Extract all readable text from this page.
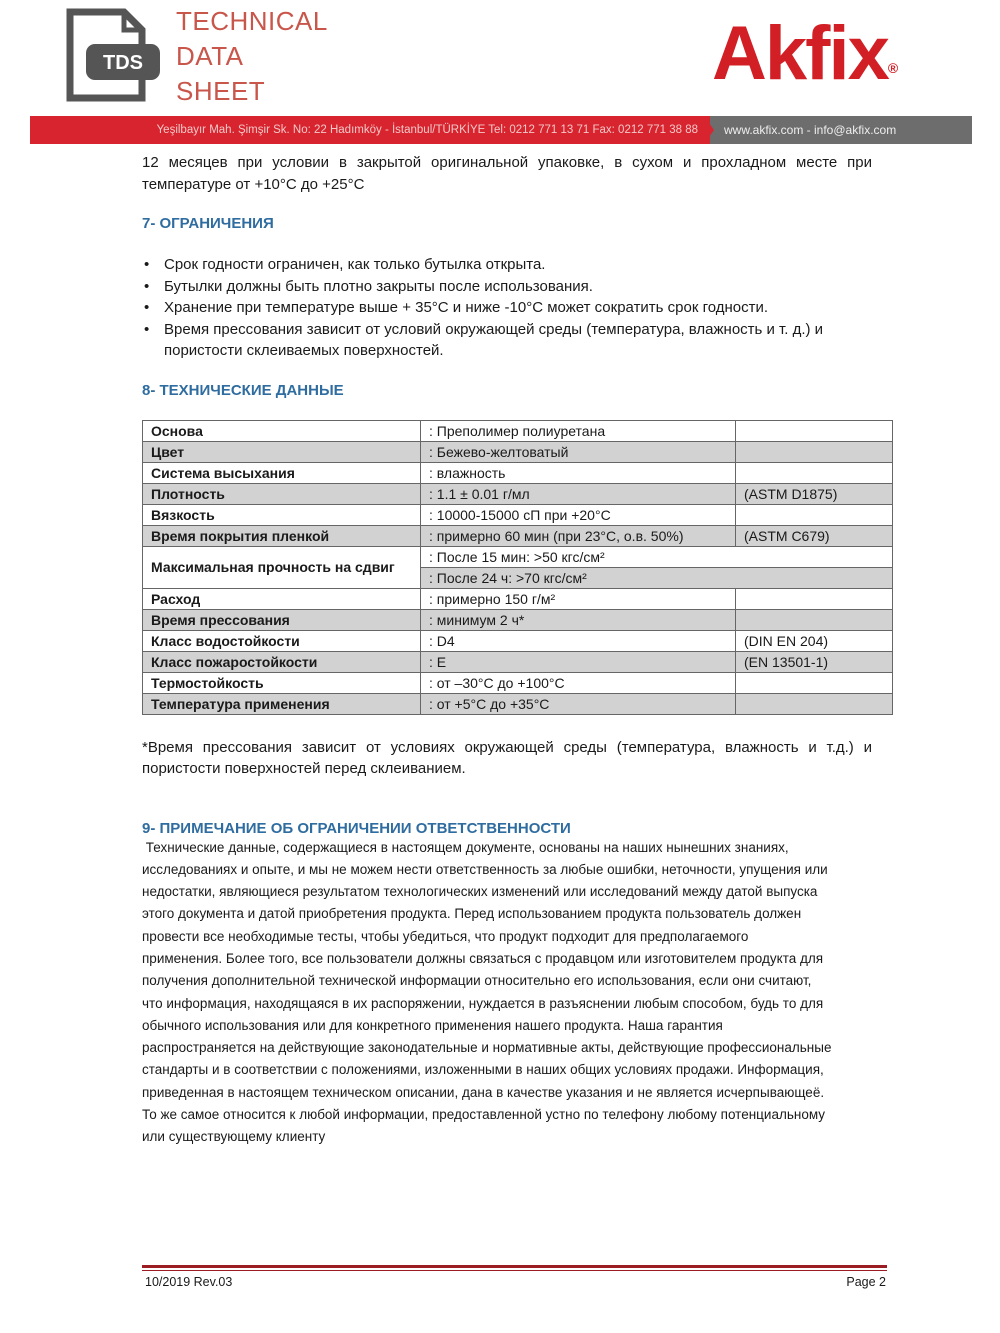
TDS
TECHNICAL
DATA
SHEET	Akfix®
Yeşilbayır Mah. Şimşir Sk. No: 22 Hadımköy - İstanbul/TÜRKİYE Tel: 0212 771 13 71 Fax: 0212 771 38 88	www.akfix.com - info@akfix.com

12 месяцев при условии в закрытой оригинальной упаковке, в сухом и прохладном месте при температуре от +10°C до +25°C

7- ОГРАНИЧЕНИЯ

• Срок годности ограничен, как только бутылка открыта.
• Бутылки должны быть плотно закрыты после использования.
• Хранение при температуре выше + 35°C и ниже -10°C может сократить срок годности.
• Время прессования зависит от условий окружающей среды (температура, влажность и т. д.) и пористости склеиваемых поверхностей.

8- ТЕХНИЧЕСКИЕ ДАННЫЕ

Основа	: Преполимер полиуретана	
Цвет	: Бежево-желтоватый	
Система высыхания	: влажность	
Плотность	: 1.1 ± 0.01 г/мл	(ASTM D1875)
Вязкость	: 10000-15000 сП при +20°C	
Время покрытия пленкой	: примерно 60 мин (при 23°C, о.в. 50%)	(ASTM C679)
Максимальная прочность на сдвиг	: После 15 мин: >50 кгс/см²	
	: После 24 ч: >70 кгс/см²	
Расход	: примерно 150 г/м²	
Время прессования	: минимум 2 ч*	
Класс водостойкости	: D4	(DIN EN 204)
Класс пожаростойкости	: E	(EN 13501-1)
Термостойкость	: от –30°C до +100°C	
Температура применения	: от +5°C до +35°C	

*Время прессования зависит от условиях окружающей среды (температура, влажность и т.д.) и пористости поверхностей перед склеиванием.

9- ПРИМЕЧАНИЕ ОБ ОГРАНИЧЕНИИ ОТВЕТСТВЕННОСТИ

Технические данные, содержащиеся в настоящем документе, основаны на наших нынешних знаниях,
исследованиях и опыте, и мы не можем нести ответственность за любые ошибки, неточности, упущения или
недостатки, являющиеся результатом технологических изменений или исследований между датой выпуска
этого документа и датой приобретения продукта. Перед использованием продукта пользователь должен
провести все необходимые тесты, чтобы убедиться, что продукт подходит для предполагаемого
применения. Более того, все пользователи должны связаться с продавцом или изготовителем продукта для
получения дополнительной технической информации относительно его использования, если они считают,
что информация, находящаяся в их распоряжении, нуждается в разъяснении любым способом, будь то для
обычного использования или для конкретного применения нашего продукта. Наша гарантия
распространяется на действующие законодательные и нормативные акты, действующие профессиональные
стандарты и в соответствии с положениями, изложенными в наших общих условиях продажи. Информация,
приведенная в настоящем техническом описании, дана в качестве указания и не является исчерпывающеё.
То же самое относится к любой информации, предоставленной устно по телефону любому потенциальному
или существующему клиенту
10/2019 Rev.03	Page 2
